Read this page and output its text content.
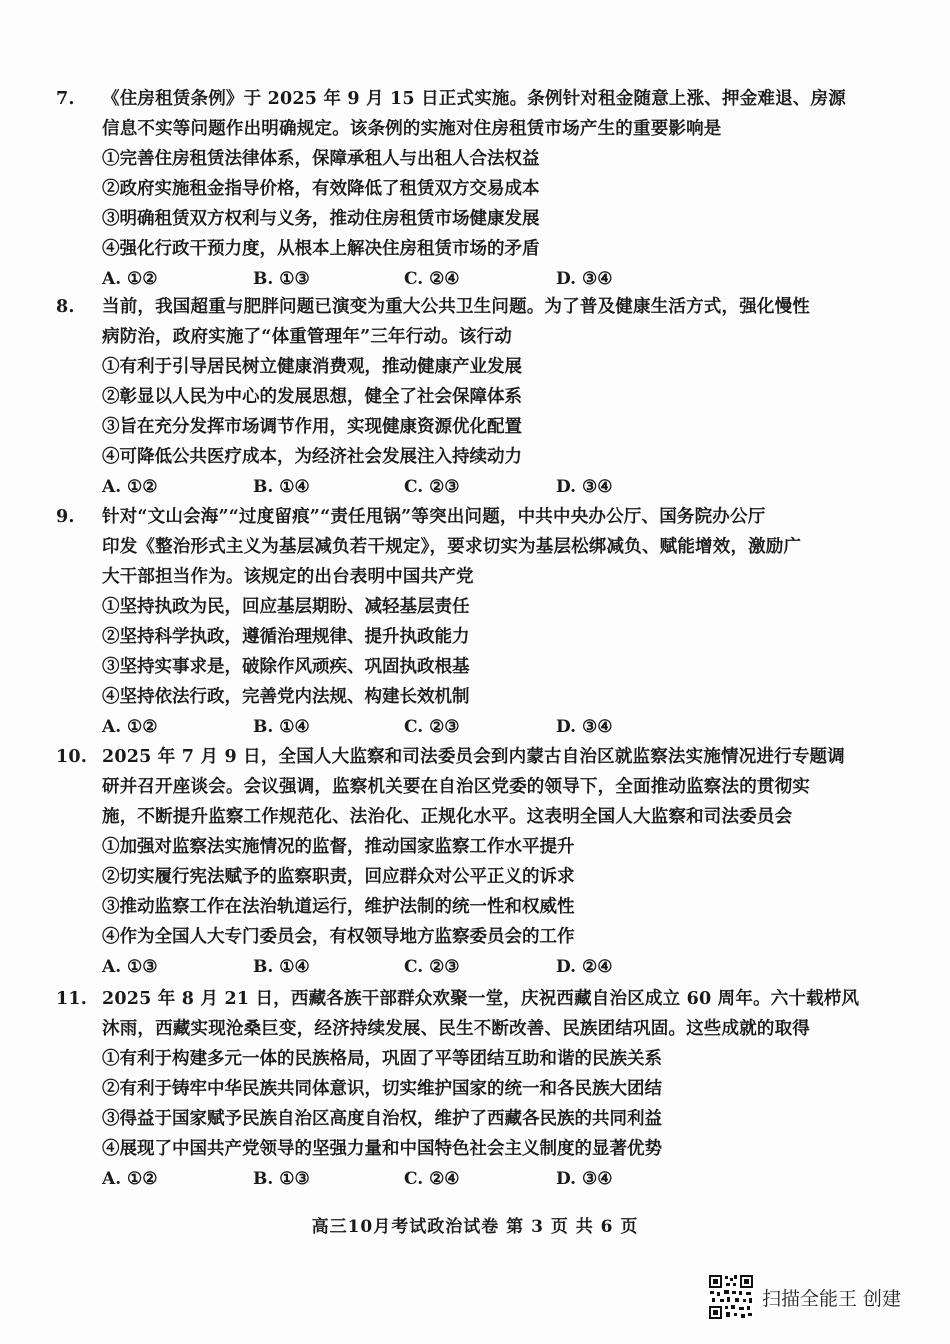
7.	《住房租赁条例》于 2025 年 9 月 15 日正式实施。条例针对租金随意上涨、押金难退、房源
信息不实等问题作出明确规定。该条例的实施对住房租赁市场产生的重要影响是
①完善住房租赁法律体系，保障承租人与出租人合法权益
②政府实施租金指导价格，有效降低了租赁双方交易成本
③明确租赁双方权利与义务，推动住房租赁市场健康发展
④强化行政干预力度，从根本上解决住房租赁市场的矛盾
A. ①②	B. ①③	C. ②④	D. ③④
8.	当前，我国超重与肥胖问题已演变为重大公共卫生问题。为了普及健康生活方式，强化慢性
病防治，政府实施了“体重管理年”三年行动。该行动
①有利于引导居民树立健康消费观，推动健康产业发展
②彰显以人民为中心的发展思想，健全了社会保障体系
③旨在充分发挥市场调节作用，实现健康资源优化配置
④可降低公共医疗成本，为经济社会发展注入持续动力
A. ①②	B. ①④	C. ②③	D. ③④
9.	针对“文山会海”“过度留痕”“责任甩锅”等突出问题，中共中央办公厅、国务院办公厅
印发《整治形式主义为基层减负若干规定》，要求切实为基层松绑减负、赋能增效，激励广
大干部担当作为。该规定的出台表明中国共产党
①坚持执政为民，回应基层期盼、减轻基层责任
②坚持科学执政，遵循治理规律、提升执政能力
③坚持实事求是，破除作风顽疾、巩固执政根基
④坚持依法行政，完善党内法规、构建长效机制
A. ①②	B. ①④	C. ②③	D. ③④
10. 2025 年 7 月 9 日，全国人大监察和司法委员会到内蒙古自治区就监察法实施情况进行专题调
研并召开座谈会。会议强调，监察机关要在自治区党委的领导下，全面推动监察法的贯彻实
施，不断提升监察工作规范化、法治化、正规化水平。这表明全国人大监察和司法委员会
①加强对监察法实施情况的监督，推动国家监察工作水平提升
②切实履行宪法赋予的监察职责，回应群众对公平正义的诉求
③推动监察工作在法治轨道运行，维护法制的统一性和权威性
④作为全国人大专门委员会，有权领导地方监察委员会的工作
A. ①③	B. ①④	C. ②③	D. ②④
11. 2025 年 8 月 21 日，西藏各族干部群众欢聚一堂，庆祝西藏自治区成立 60 周年。六十载栉风
沐雨，西藏实现沧桑巨变，经济持续发展、民生不断改善、民族团结巩固。这些成就的取得
①有利于构建多元一体的民族格局，巩固了平等团结互助和谐的民族关系
②有利于铸牢中华民族共同体意识，切实维护国家的统一和各民族大团结
③得益于国家赋予民族自治区高度自治权，维护了西藏各民族的共同利益
④展现了中国共产党领导的坚强力量和中国特色社会主义制度的显著优势
A. ①②	B. ①③	C. ②④	D. ③④
高三10月考试政治试卷 第 3 页 共 6 页
扫描全能王 创建
